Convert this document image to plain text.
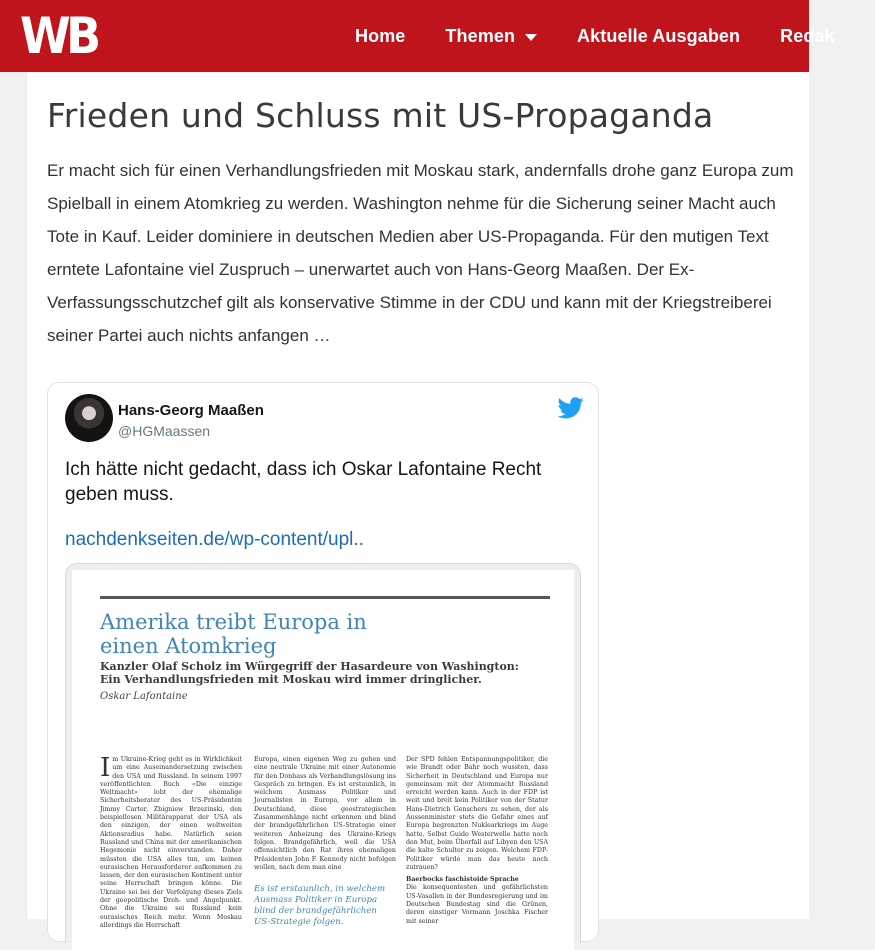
WB	Home Themen	Aktuelle Ausgaben Redak
Frieden und Schluss mit US-Propaganda

Er macht sich für einen Verhandlungsfrieden mit Moskau stark, andernfalls drohe ganz Europa zum Spielball in einem Atomkrieg zu werden. Washington nehme für die Sicherung seiner Macht auch Tote in Kauf. Leider dominiere in deutschen Medien aber US-Propaganda. Für den mutigen Text erntete Lafontaine viel Zuspruch – unerwartet auch von Hans-Georg Maaßen. Der Ex-Verfassungsschutzchef gilt als konservative Stimme in der CDU und kann mit der Kriegstreiberei seiner Partei auch nichts anfangen …

Hans-Georg Maaßen
@HGMaassen
Ich hätte nicht gedacht, dass ich Oskar Lafontaine Recht geben muss.
nachdenkseiten.de/wp-content/upl..
Amerika treibt Europa in einen Atomkrieg
Kanzler Olaf Scholz im Würgegriff der Hasardeure von Washington: Ein Verhandlungsfrieden mit Moskau wird immer dringlicher.
Oskar Lafontaine
I m Ukraine-Krieg geht es in Wirklichkeit um eine Auseinandersetzung zwischen den USA und Russland. In seinem 1997 veröffentlichten Buch «Die einzige Weltmacht» lobt der ehemalige Sicherheitsberater des US-Präsidenten Jimmy Carter, Zbigniew Brzezinski, den beispiellosen Militärapparat der USA als den einzigen, der einen weltweiten Aktionsradius habe. Natürlich seien Russland und China mit der amerikanischen Hegemonie nicht einverstanden. Daher müssten die USA alles tun, um keinen eurasischen Herausforderer aufkommen zu lassen, der den eurasischen Kontinent unter seine Herrschaft bringen könne. Die Ukraine sei bei der Verfolgung dieses Ziels der geopolitische Dreh- und Angelpunkt. Ohne die Ukraine sei Russland kein eurasisches Reich mehr. Wenn Moskau allerdings die Herrschaft
Europa, einen eigenen Weg zu gehen und eine neutrale Ukraine mit einer Autonomie für den Donbass als Verhandlungslösung ins Gespräch zu bringen. Es ist erstaunlich, in welchem Ausmass Politiker und Journalisten in Europa, vor allem in Deutschland, diese geostrategischen Zusammenhänge nicht erkennen und blind der brandgefährlichen US-Strategie einer weiteren Anheizung des Ukraine-Kriegs folgen. Brandgefährlich, weil die USA offensichtlich den Rat ihres ehemaligen Präsidenten John F. Kennedy nicht befolgen wollen, nach dem man eine
Es ist erstaunlich, in welchem Ausmass Politiker in Europa blind der brandgefährlichen US-Strategie folgen.
Der SPD fehlen Entspannungspolitiker, die wie Brandt oder Bahr noch wussten, dass Sicherheit in Deutschland und Europa nur gemeinsam mit der Atommacht Russland erreicht werden kann. Auch in der FDP ist weit und breit kein Politiker von der Statur Hans-Dietrich Genschers zu sehen, der als Aussenminister stets die Gefahr eines auf Europa begrenzten Nuklearkriegs im Auge hatte. Selbst Guido Westerwelle hatte noch den Mut, beim Überfall auf Libyen den USA die kalte Schulter zu zeigen. Welchem FDP-Politiker würde man das heute noch zutrauen?
Baerbocks faschistoide Sprache
Die konsequentesten und gefährlichsten US-Vasallen in der Bundesregierung und im Deutschen Bundestag sind die Grünen, deren einstiger Vormann Joschka Fischer mit seiner
